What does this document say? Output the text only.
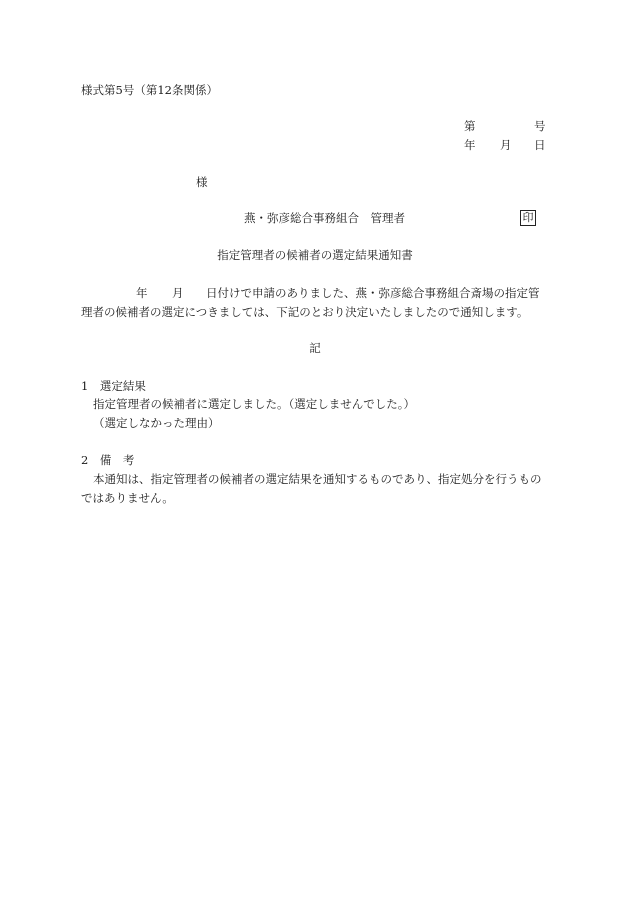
様式第5号（第12条関係）
第	号
年 月 日
様
燕・弥彦総合事務組合　管理者	印
指定管理者の候補者の選定結果通知書
年 月 日付けで申請のありました、燕・弥彦総合事務組合斎場の指定管
理者の候補者の選定につきましては、下記のとおり決定いたしましたので通知します。
記
1　選定結果
指定管理者の候補者に選定しました。（選定しませんでした。）
（選定しなかった理由）
2　備　考
本通知は、指定管理者の候補者の選定結果を通知するものであり、指定処分を行うもの
ではありません。
